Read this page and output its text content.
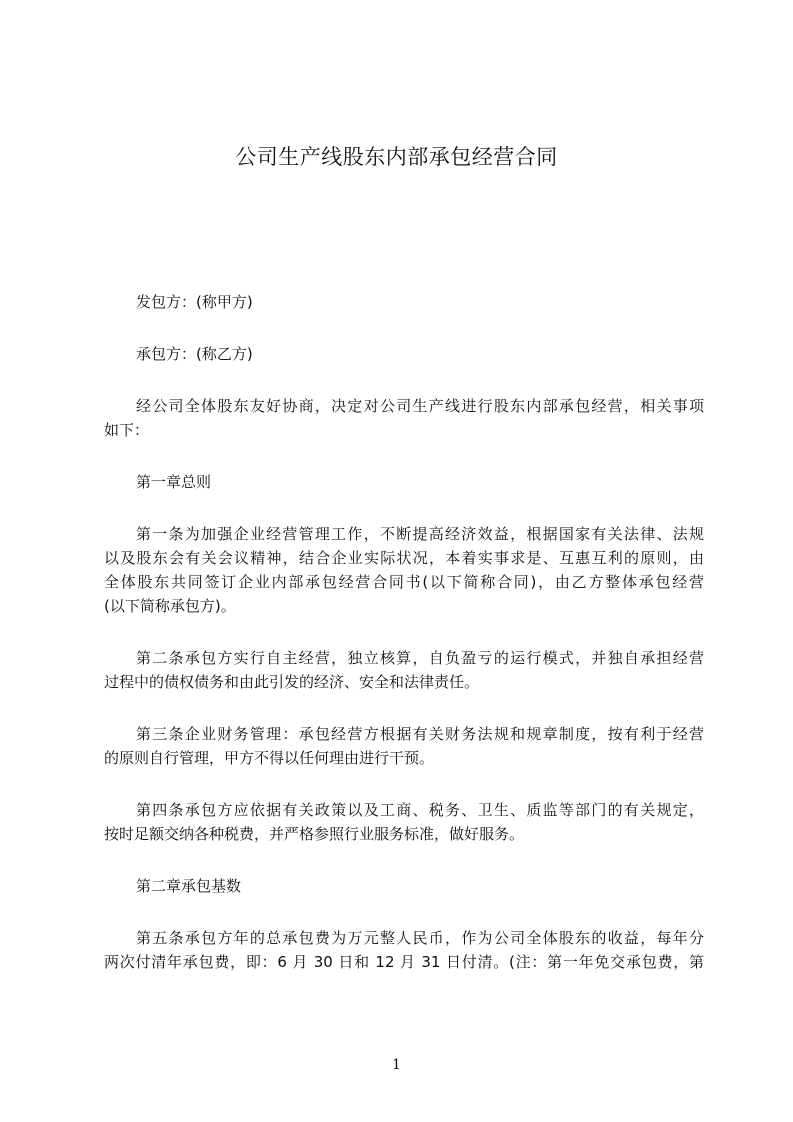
公司生产线股东内部承包经营合同
发包方：(称甲方)
承包方：(称乙方)
经公司全体股东友好协商，决定对公司生产线进行股东内部承包经营，相关事项
如下：
第一章总则
第一条为加强企业经营管理工作，不断提高经济效益，根据国家有关法律、法规
以及股东会有关会议精神，结合企业实际状况，本着实事求是、互惠互利的原则，由
全体股东共同签订企业内部承包经营合同书(以下简称合同)，由乙方整体承包经营
(以下简称承包方)。
第二条承包方实行自主经营，独立核算，自负盈亏的运行模式，并独自承担经营
过程中的债权债务和由此引发的经济、安全和法律责任。
第三条企业财务管理：承包经营方根据有关财务法规和规章制度，按有利于经营
的原则自行管理，甲方不得以任何理由进行干预。
第四条承包方应依据有关政策以及工商、税务、卫生、质监等部门的有关规定，
按时足额交纳各种税费，并严格参照行业服务标准，做好服务。
第二章承包基数
第五条承包方年的总承包费为万元整人民币，作为公司全体股东的收益，每年分
两次付清年承包费，即：6 月 30 日和 12 月 31 日付清。(注：第一年免交承包费，第
1
